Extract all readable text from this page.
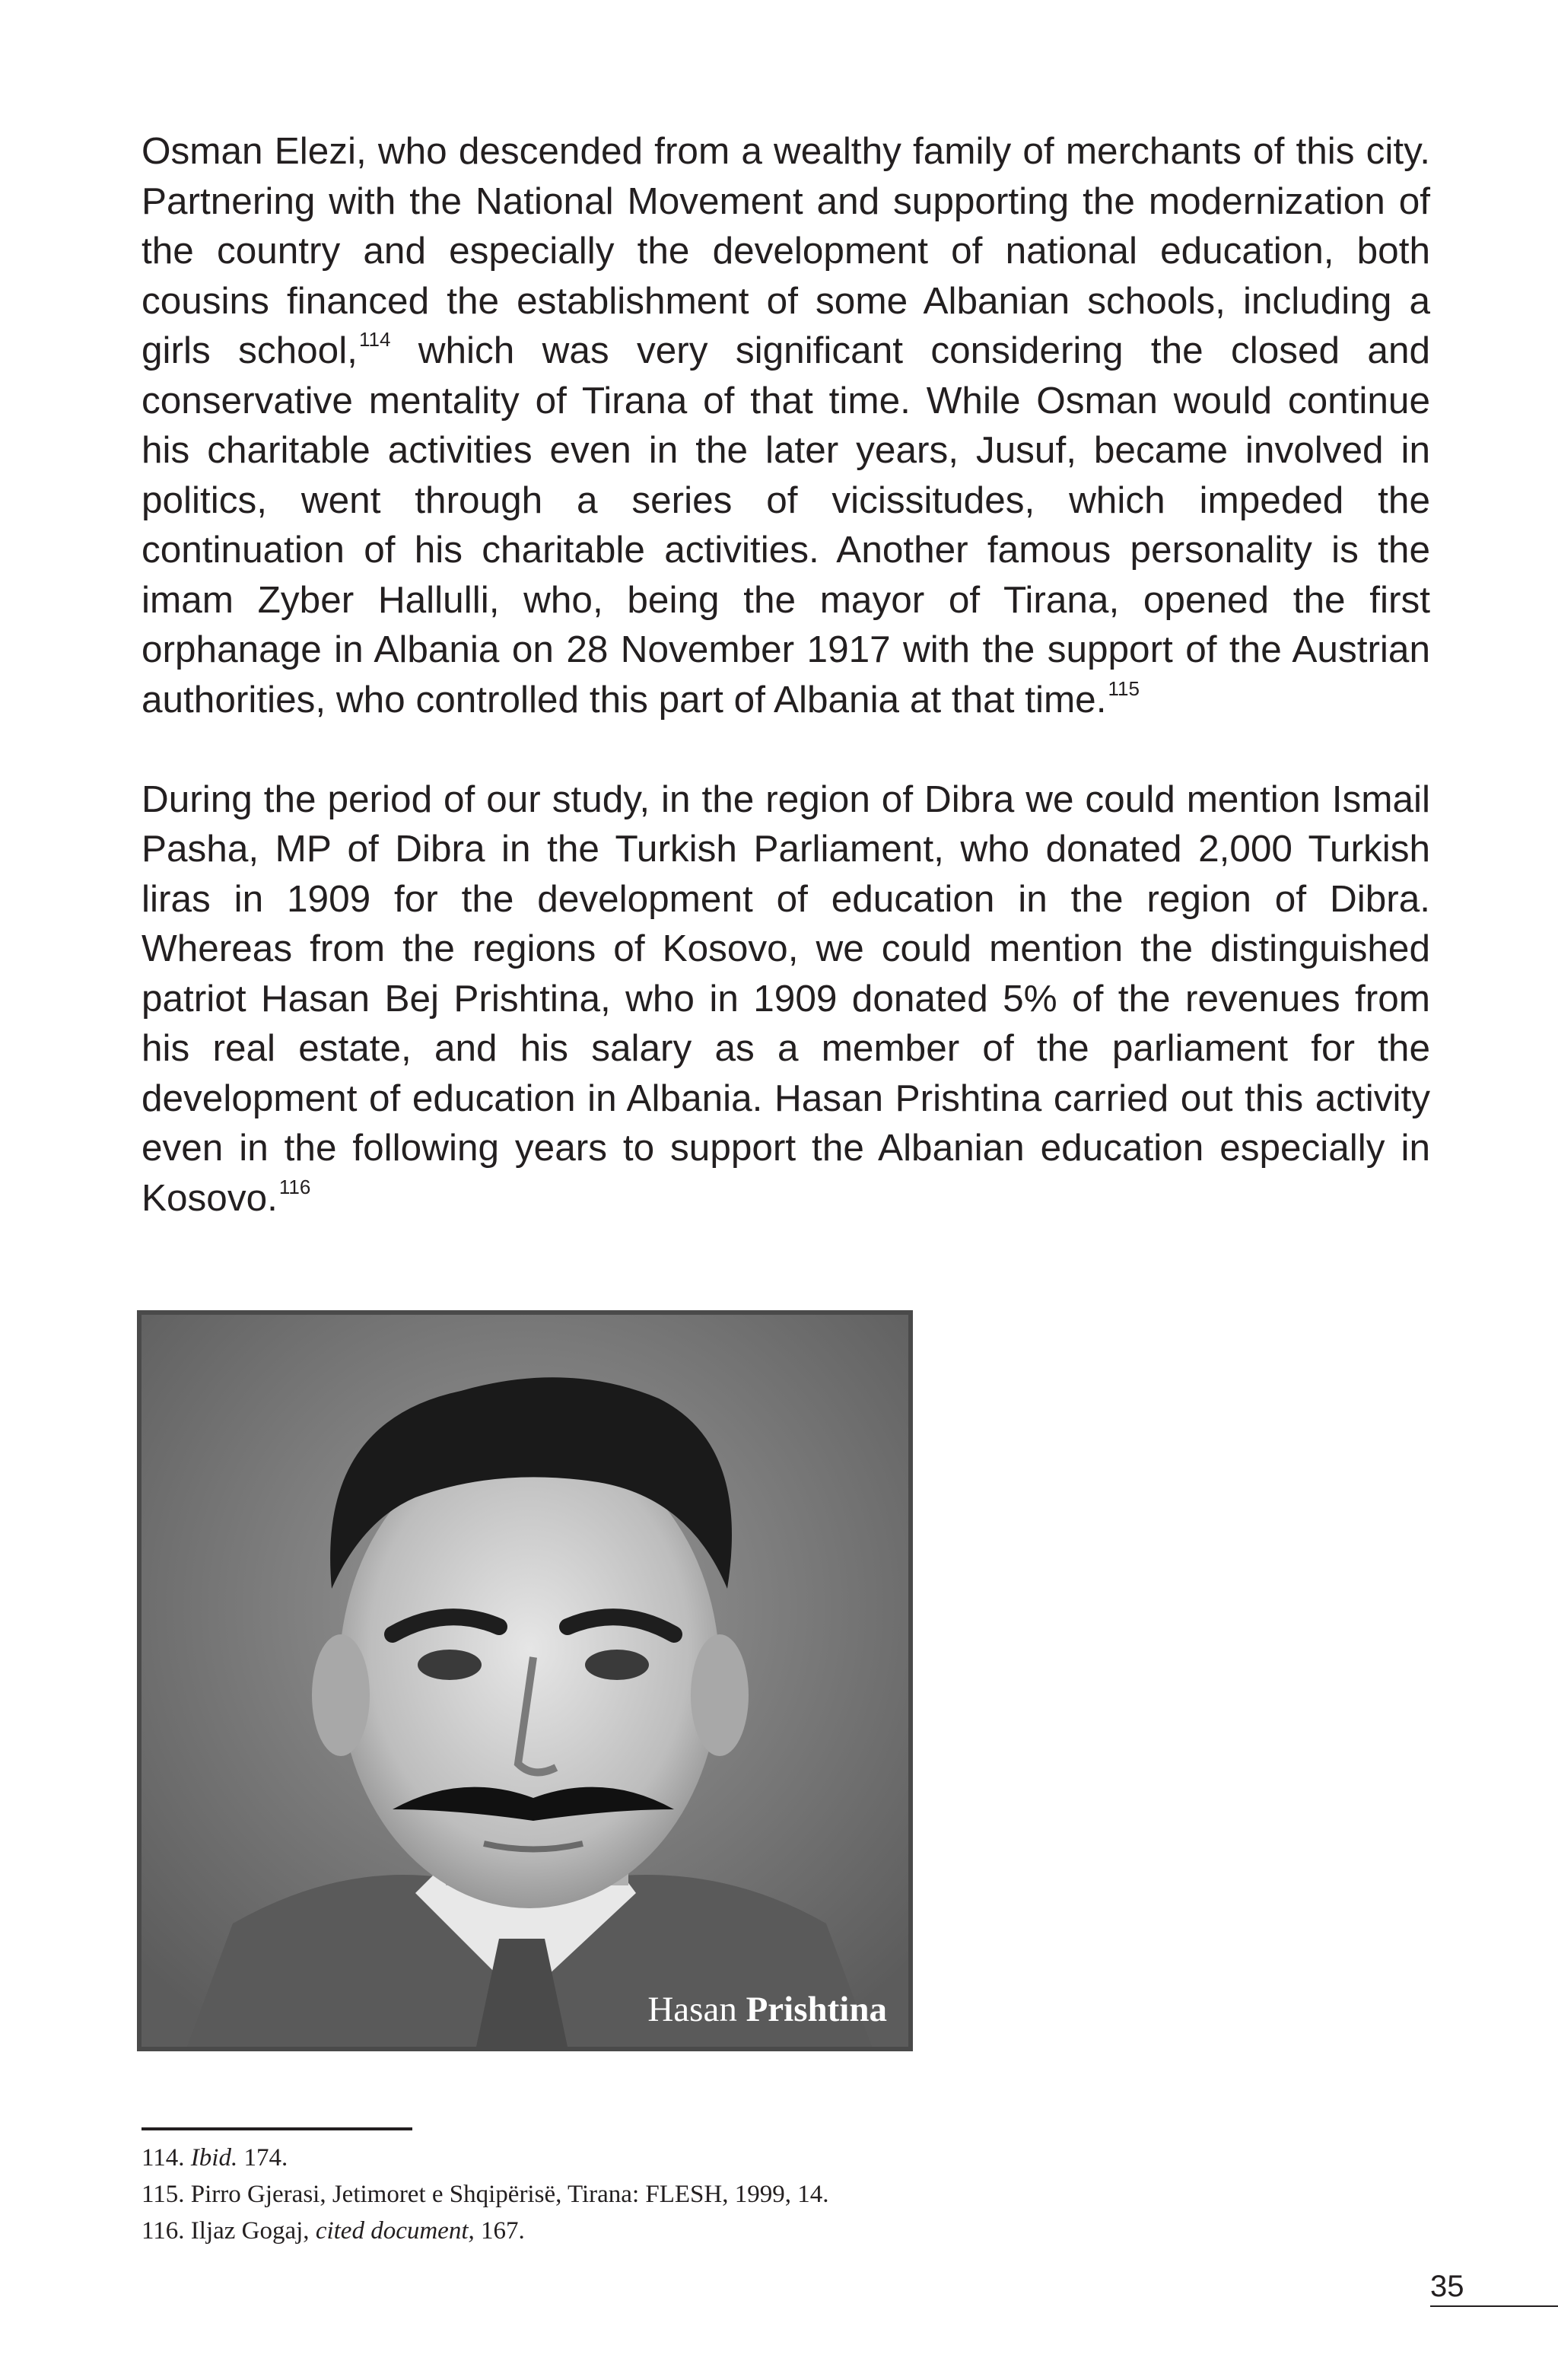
Osman Elezi, who descended from a wealthy family of merchants of this city. Partnering with the National Movement and supporting the modernization of the country and especially the development of national education, both cousins financed the establishment of some Albanian schools, including a girls school,$^{114}$ which was very significant considering the closed and conservative mentality of Tirana of that time. While Osman would continue his charitable activities even in the later years, Jusuf, became involved in politics, went through a series of vicissitudes, which impeded the continuation of his charitable activities. Another famous personality is the imam Zyber Hallulli, who, being the mayor of Tirana, opened the first orphanage in Albania on 28 November 1917 with the support of the Austrian authorities, who controlled this part of Albania at that time.$^{115}$

During the period of our study, in the region of Dibra we could mention Ismail Pasha, MP of Dibra in the Turkish Parliament, who donated 2,000 Turkish liras in 1909 for the development of education in the region of Dibra. Whereas from the regions of Kosovo, we could mention the distinguished patriot Hasan Bej Prishtina, who in 1909 donated 5% of the revenues from his real estate, and his salary as a member of the parliament for the development of education in Albania. Hasan Prishtina carried out this activity even in the following years to support the Albanian education especially in Kosovo.$^{116}$

Hasan Prishtina
114. Ibid. 174.
115. Pirro Gjerasi, Jetimoret e Shqipërisë, Tirana: FLESH, 1999, 14.
116. Iljaz Gogaj, cited document, 167.
35
